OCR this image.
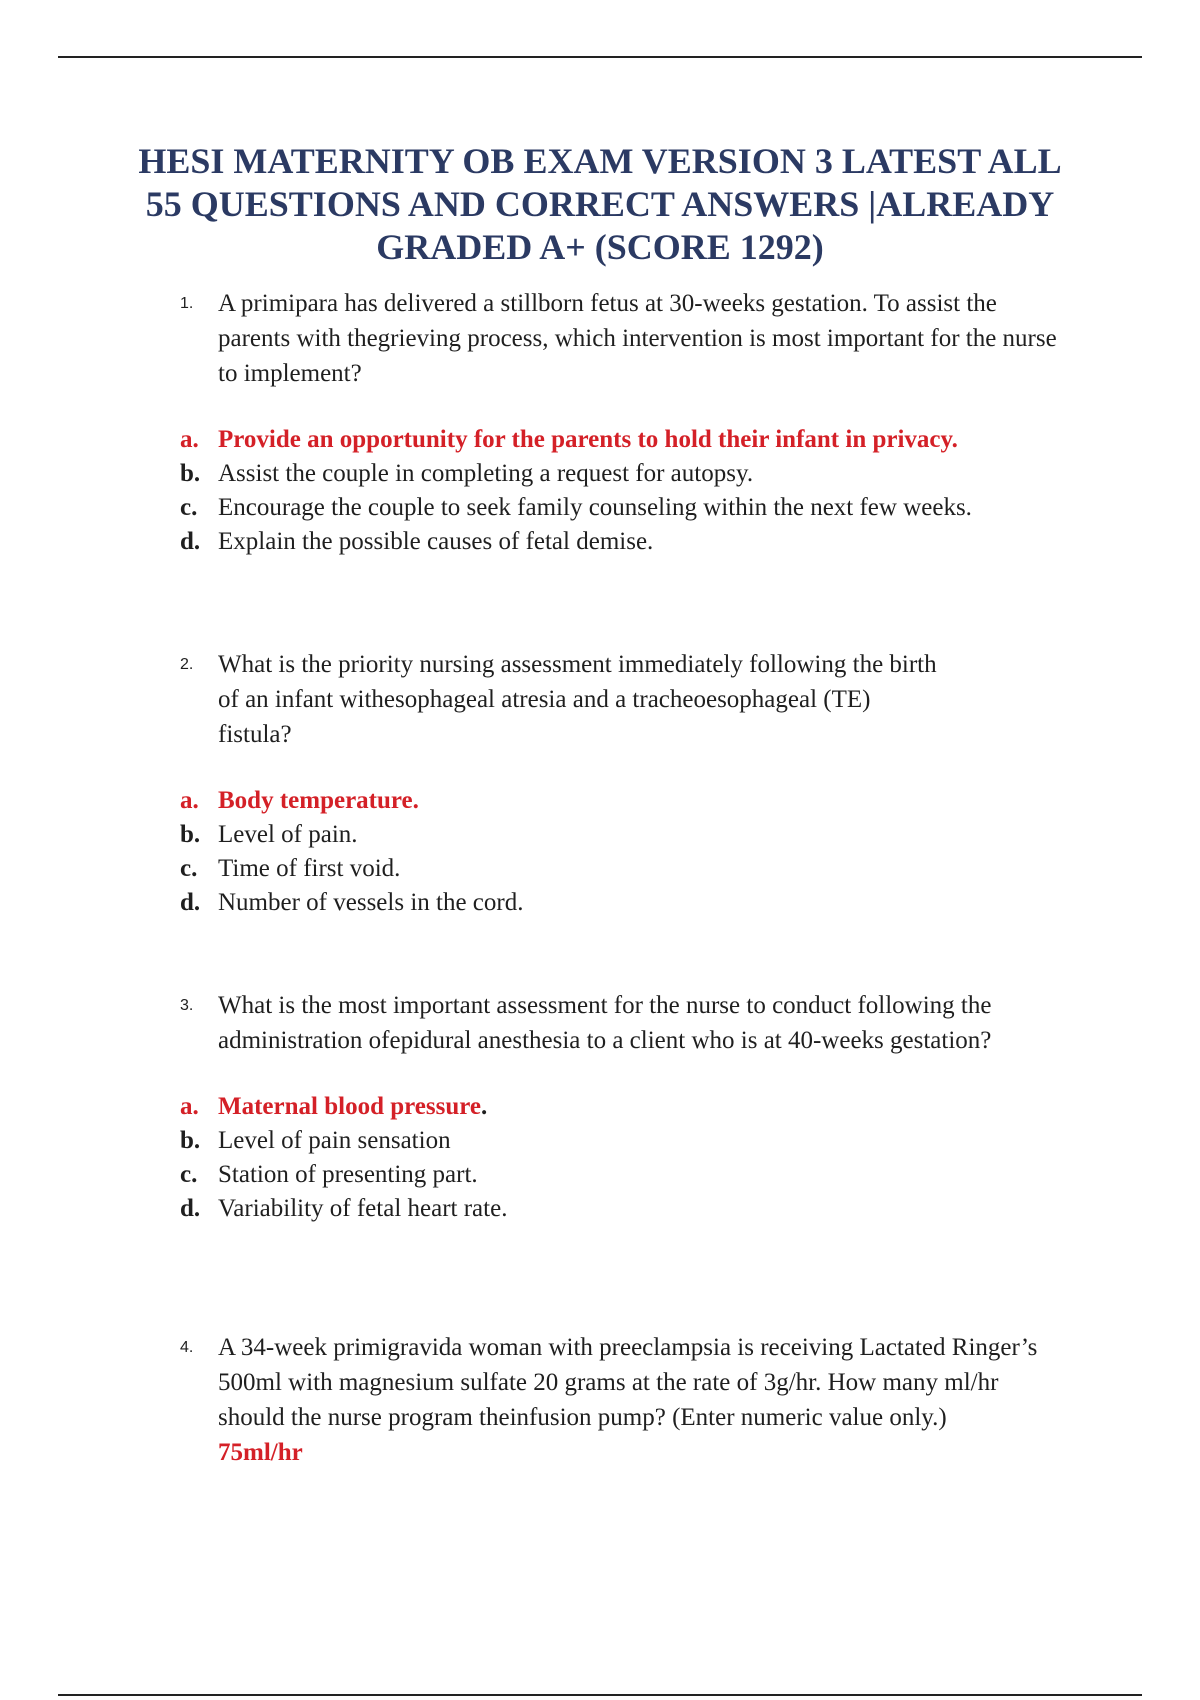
HESI MATERNITY OB EXAM VERSION 3 LATEST ALL 55 QUESTIONS AND CORRECT ANSWERS |ALREADY GRADED A+ (SCORE 1292)
1. A primipara has delivered a stillborn fetus at 30-weeks gestation. To assist the parents with thegrieving process, which intervention is most important for the nurse to implement?
a. Provide an opportunity for the parents to hold their infant in privacy.
b. Assist the couple in completing a request for autopsy.
c. Encourage the couple to seek family counseling within the next few weeks.
d. Explain the possible causes of fetal demise.
2. What is the priority nursing assessment immediately following the birth of an infant withesophageal atresia and a tracheoesophageal (TE) fistula?
a. Body temperature.
b. Level of pain.
c. Time of first void.
d. Number of vessels in the cord.
3. What is the most important assessment for the nurse to conduct following the administration ofepidural anesthesia to a client who is at 40-weeks gestation?
a. Maternal blood pressure.
b. Level of pain sensation
c. Station of presenting part.
d. Variability of fetal heart rate.
4. A 34-week primigravida woman with preeclampsia is receiving Lactated Ringer’s 500ml with magnesium sulfate 20 grams at the rate of 3g/hr. How many ml/hr should the nurse program theinfusion pump? (Enter numeric value only.)
75ml/hr
